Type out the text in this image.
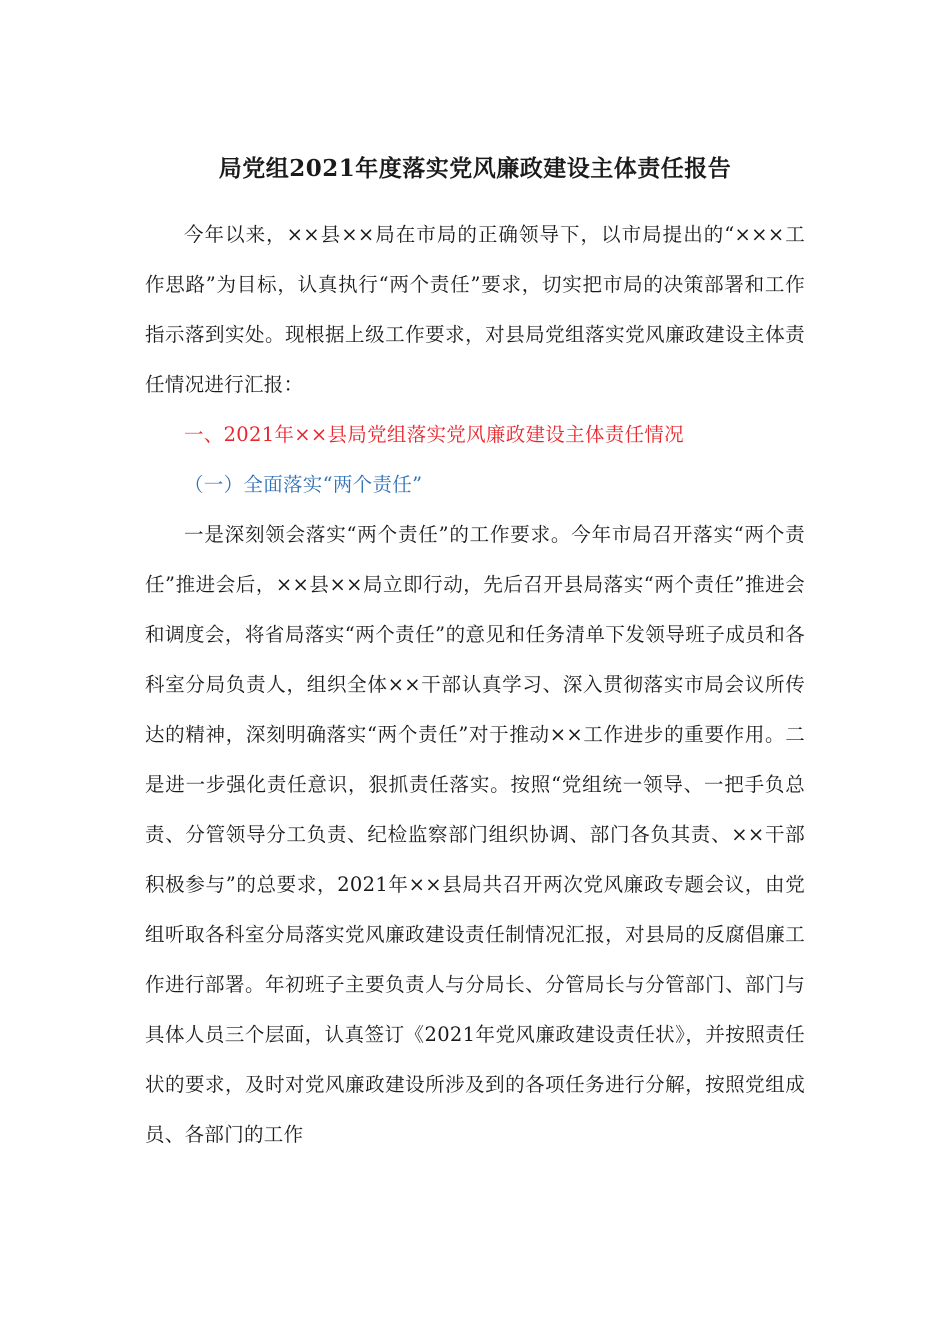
局党组2021年度落实党风廉政建设主体责任报告

今年以来，××县××局在市局的正确领导下，以市局提出的“×××工作思路”为目标，认真执行“两个责任”要求，切实把市局的决策部署和工作指示落到实处。现根据上级工作要求，对县局党组落实党风廉政建设主体责任情况进行汇报：

一、2021年××县局党组落实党风廉政建设主体责任情况

（一）全面落实“两个责任”

一是深刻领会落实“两个责任”的工作要求。今年市局召开落实“两个责任”推进会后，××县××局立即行动，先后召开县局落实“两个责任”推进会和调度会，将省局落实“两个责任”的意见和任务清单下发领导班子成员和各科室分局负责人，组织全体××干部认真学习、深入贯彻落实市局会议所传达的精神，深刻明确落实“两个责任”对于推动××工作进步的重要作用。二是进一步强化责任意识，狠抓责任落实。按照“党组统一领导、一把手负总责、分管领导分工负责、纪检监察部门组织协调、部门各负其责、××干部积极参与”的总要求，2021年××县局共召开两次党风廉政专题会议，由党组听取各科室分局落实党风廉政建设责任制情况汇报，对县局的反腐倡廉工作进行部署。年初班子主要负责人与分局长、分管局长与分管部门、部门与具体人员三个层面，认真签订《2021年党风廉政建设责任状》，并按照责任状的要求，及时对党风廉政建设所涉及到的各项任务进行分解，按照党组成员、各部门的工作
